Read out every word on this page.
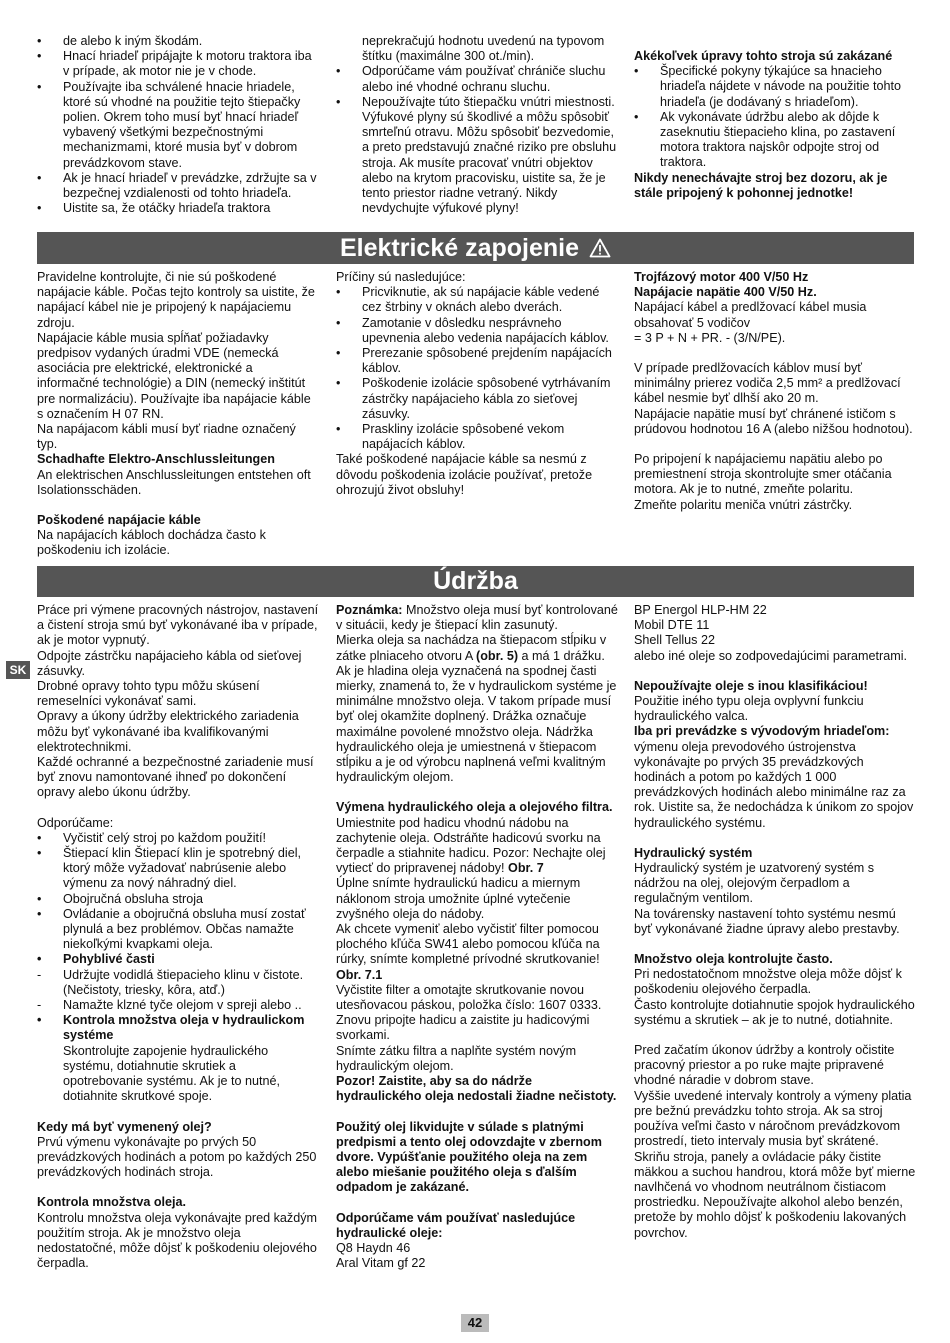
• de alebo k iným škodám.
• Hnací hriadeľ pripájajte k motoru traktora iba v prípade, ak motor nie je v chode.
• Používajte iba schválené hnacie hriadele, ktoré sú vhodné na použitie tejto štiepačky polien. Okrem toho musí byť hnací hriadeľ vybavený všetkými bezpečnostnými mechanizmami, ktoré musia byť v dobrom prevádzkovom stave.
• Ak je hnací hriadeľ v prevádzke, zdržujte sa v bezpečnej vzdialenosti od tohto hriadeľa.
• Uistite sa, že otáčky hriadeľa traktora
neprekračujú hodnotu uvedenú na typovom štítku (maximálne 300 ot./min).
• Odporúčame vám používať chrániče sluchu alebo iné vhodné ochranu sluchu.
• Nepoužívajte túto štiepačku vnútri miestnosti. Výfukové plyny sú škodlivé a môžu spôsobiť smrteľnú otravu. Môžu spôsobiť bezvedomie, a preto predstavujú značné riziko pre obsluhu stroja. Ak musíte pracovať vnútri objektov alebo na krytom pracovisku, uistite sa, že je tento priestor riadne vetraný. Nikdy nevdychujte výfukové plyny!

Akékoľvek úpravy tohto stroja sú zakázané

• Špecifické pokyny týkajúce sa hnacieho hriadeľa nájdete v návode na použitie tohto hriadeľa (je dodávaný s hriadeľom).
• Ak vykonávate údržbu alebo ak dôjde k zaseknutiu štiepacieho klina, po zastavení motora traktora najskôr odpojte stroj od traktora.

Nikdy nenechávajte stroj bez dozoru, ak je stále pripojený k pohonnej jednotke!

Elektrické zapojenie

Pravidelne kontrolujte, či nie sú poškodené napájacie káble. Počas tejto kontroly sa uistite, že napájací kábel nie je pripojený k napájaciemu zdroju.

Napájacie káble musia spĺňať požiadavky predpisov vydaných úradmi VDE (nemecká asociácia pre elektrické, elektronické a informačné technológie) a DIN (nemecký inštitút pre normalizáciu). Používajte iba napájacie káble s označením H 07 RN.

Na napájacom kábli musí byť riadne označený typ.

Schadhafte Elektro-Anschlussleitungen

An elektrischen Anschlussleitungen entstehen oft Isolationsschäden.

Poškodené napájacie káble

Na napájacích kábloch dochádza často k poškodeniu ich izolácie.

Príčiny sú nasledujúce:

• Pricviknutie, ak sú napájacie káble vedené cez štrbiny v oknách alebo dverách.
• Zamotanie v dôsledku nesprávneho upevnenia alebo vedenia napájacích káblov.
• Prerezanie spôsobené prejdením napájacích káblov.
• Poškodenie izolácie spôsobené vytrhávaním zástrčky napájacieho kábla zo sieťovej zásuvky.
• Praskliny izolácie spôsobené vekom napájacích káblov.

Také poškodené napájacie káble sa nesmú z dôvodu poškodenia izolácie používať, pretože ohrozujú život obsluhy!

Trojfázový motor 400 V/50 Hz

Napájacie napätie 400 V/50 Hz.

Napájací kábel a predlžovací kábel musia obsahovať 5 vodičov

= 3 P + N + PR. - (3/N/PE).

V prípade predlžovacích káblov musí byť minimálny prierez vodiča 2,5 mm² a predlžovací kábel nesmie byť dlhší ako 20 m.

Napájacie napätie musí byť chránené ističom s prúdovou hodnotou 16 A (alebo nižšou hodnotou).

Po pripojení k napájaciemu napätiu alebo po premiestnení stroja skontrolujte smer otáčania motora. Ak je to nutné, zmeňte polaritu.

Zmeňte polaritu meniča vnútri zástrčky.

Údržba

Práce pri výmene pracovných nástrojov, nastavení a čistení stroja smú byť vykonávané iba v prípade, ak je motor vypnutý.

Odpojte zástrčku napájacieho kábla od sieťovej zásuvky.

Drobné opravy tohto typu môžu skúsení remeselníci vykonávať sami.

Opravy a úkony údržby elektrického zariadenia môžu byť vykonávané iba kvalifikovanými elektrotechnikmi.

Každé ochranné a bezpečnostné zariadenie musí byť znovu namontované ihneď po dokončení opravy alebo úkonu údržby.

Odporúčame:

• Vyčistiť celý stroj po každom použití!
• Štiepací klin Štiepací klin je spotrebný diel, ktorý môže vyžadovať nabrúsenie alebo výmenu za nový náhradný diel.
• Obojručná obsluha stroja
• Ovládanie a obojručná obsluha musí zostať plynulá a bez problémov. Občas namažte niekoľkými kvapkami oleja.
• Pohyblivé časti
- Udržujte vodidlá štiepacieho klinu v čistote. (Nečistoty, triesky, kôra, atď.)
- Namažte klzné tyče olejom v spreji alebo ..
• Kontrola množstva oleja v hydraulickom systéme
Skontrolujte zapojenie hydraulického systému, dotiahnutie skrutiek a opotrebovanie systému. Ak je to nutné, dotiahnite skrutkové spoje.

Kedy má byť vymenený olej?

Prvú výmenu vykonávajte po prvých 50 prevádzkových hodinách a potom po každých 250 prevádzkových hodinách stroja.

Kontrola množstva oleja.

Kontrolu množstva oleja vykonávajte pred každým použitím stroja. Ak je množstvo oleja nedostatočné, môže dôjsť k poškodeniu olejového čerpadla.

Poznámka: Množstvo oleja musí byť kontrolované v situácii, kedy je štiepací klin zasunutý.

Mierka oleja sa nachádza na štiepacom stĺpiku v zátke plniaceho otvoru A (obr. 5) a má 1 drážku. Ak je hladina oleja vyznačená na spodnej časti mierky, znamená to, že v hydraulickom systéme je minimálne množstvo oleja. V takom prípade musí byť olej okamžite doplnený. Drážka označuje maximálne povolené množstvo oleja. Nádržka hydraulického oleja je umiestnená v štiepacom stĺpiku a je od výrobcu naplnená veľmi kvalitným hydraulickým olejom.

Výmena hydraulického oleja a olejového filtra.

Umiestnite pod hadicu vhodnú nádobu na zachytenie oleja. Odstráňte hadicovú svorku na čerpadle a stiahnite hadicu. Pozor: Nechajte olej vytiecť do pripravenej nádoby! Obr. 7

Úplne snímte hydraulickú hadicu a miernym náklonom stroja umožnite úplné vytečenie zvyšného oleja do nádoby.

Ak chcete vymeniť alebo vyčistiť filter pomocou plochého kľúča SW41 alebo pomocou kľúča na rúrky, snímte kompletné prívodné skrutkovanie! Obr. 7.1

Vyčistite filter a omotajte skrutkovanie novou utesňovacou páskou, položka číslo: 1607 0333. Znovu pripojte hadicu a zaistite ju hadicovými svorkami.

Snímte zátku filtra a naplňte systém novým hydraulickým olejom.

Pozor! Zaistite, aby sa do nádrže hydraulického oleja nedostali žiadne nečistoty.

Použitý olej likvidujte v súlade s platnými predpismi a tento olej odovzdajte v zbernom dvore. Vypúšťanie použitého oleja na zem alebo miešanie použitého oleja s ďalším odpadom je zakázané.

Odporúčame vám používať nasledujúce hydraulické oleje:

Q8 Haydn 46

Aral Vitam gf 22

BP Energol HLP-HM 22

Mobil DTE 11

Shell Tellus 22

alebo iné oleje so zodpovedajúcimi parametrami.

Nepoužívajte oleje s inou klasifikáciou!

Použitie iného typu oleja ovplyvní funkciu hydraulického valca.

Iba pri prevádzke s vývodovým hriadeľom:

výmenu oleja prevodového ústrojenstva vykonávajte po prvých 35 prevádzkových hodinách a potom po každých 1 000 prevádzkových hodinách alebo minimálne raz za rok. Uistite sa, že nedochádza k únikom zo spojov hydraulického systému.

Hydraulický systém

Hydraulický systém je uzatvorený systém s nádržou na olej, olejovým čerpadlom a regulačným ventilom.

Na továrensky nastavení tohto systému nesmú byť vykonávané žiadne úpravy alebo prestavby.

Množstvo oleja kontrolujte často.

Pri nedostatočnom množstve oleja môže dôjsť k poškodeniu olejového čerpadla.

Často kontrolujte dotiahnutie spojok hydraulického systému a skrutiek – ak je to nutné, dotiahnite.

Pred začatím úkonov údržby a kontroly očistite pracovný priestor a po ruke majte pripravené vhodné náradie v dobrom stave.

Vyššie uvedené intervaly kontroly a výmeny platia pre bežnú prevádzku tohto stroja. Ak sa stroj používa veľmi často v náročnom prevádzkovom prostredí, tieto intervaly musia byť skrátené. Skriňu stroja, panely a ovládacie páky čistite mäkkou a suchou handrou, ktorá môže byť mierne navlhčená vo vhodnom neutrálnom čistiacom prostriedku. Nepoužívajte alkohol alebo benzén, pretože by mohlo dôjsť k poškodeniu lakovaných povrchov.

SK
42
